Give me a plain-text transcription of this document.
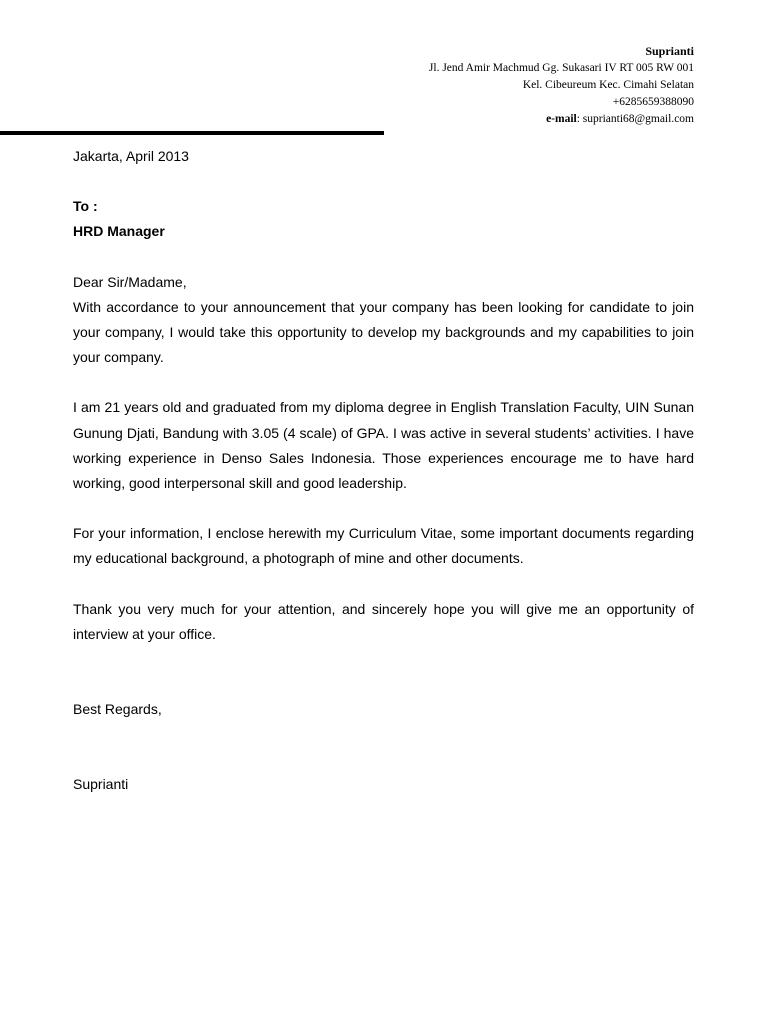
Suprianti
Jl. Jend Amir Machmud Gg. Sukasari IV RT 005 RW 001
Kel. Cibeureum Kec. Cimahi Selatan
+6285659388090
e-mail: suprianti68@gmail.com

Jakarta, April 2013

To :

HRD Manager

Dear Sir/Madame,

With accordance to your announcement that your company has been looking for candidate to join your company, I would take this opportunity to develop my backgrounds and my capabilities to join your company.

I am 21 years old and graduated from my diploma degree in English Translation Faculty, UIN Sunan Gunung Djati, Bandung with 3.05 (4 scale) of GPA. I was active in several students’ activities. I have working experience in Denso Sales Indonesia. Those experiences encourage me to have hard working, good interpersonal skill and good leadership.

For your information, I enclose herewith my Curriculum Vitae, some important documents regarding my educational background, a photograph of mine and other documents.

Thank you very much for your attention, and sincerely hope you will give me an opportunity of interview at your office.

Best Regards,

Suprianti
